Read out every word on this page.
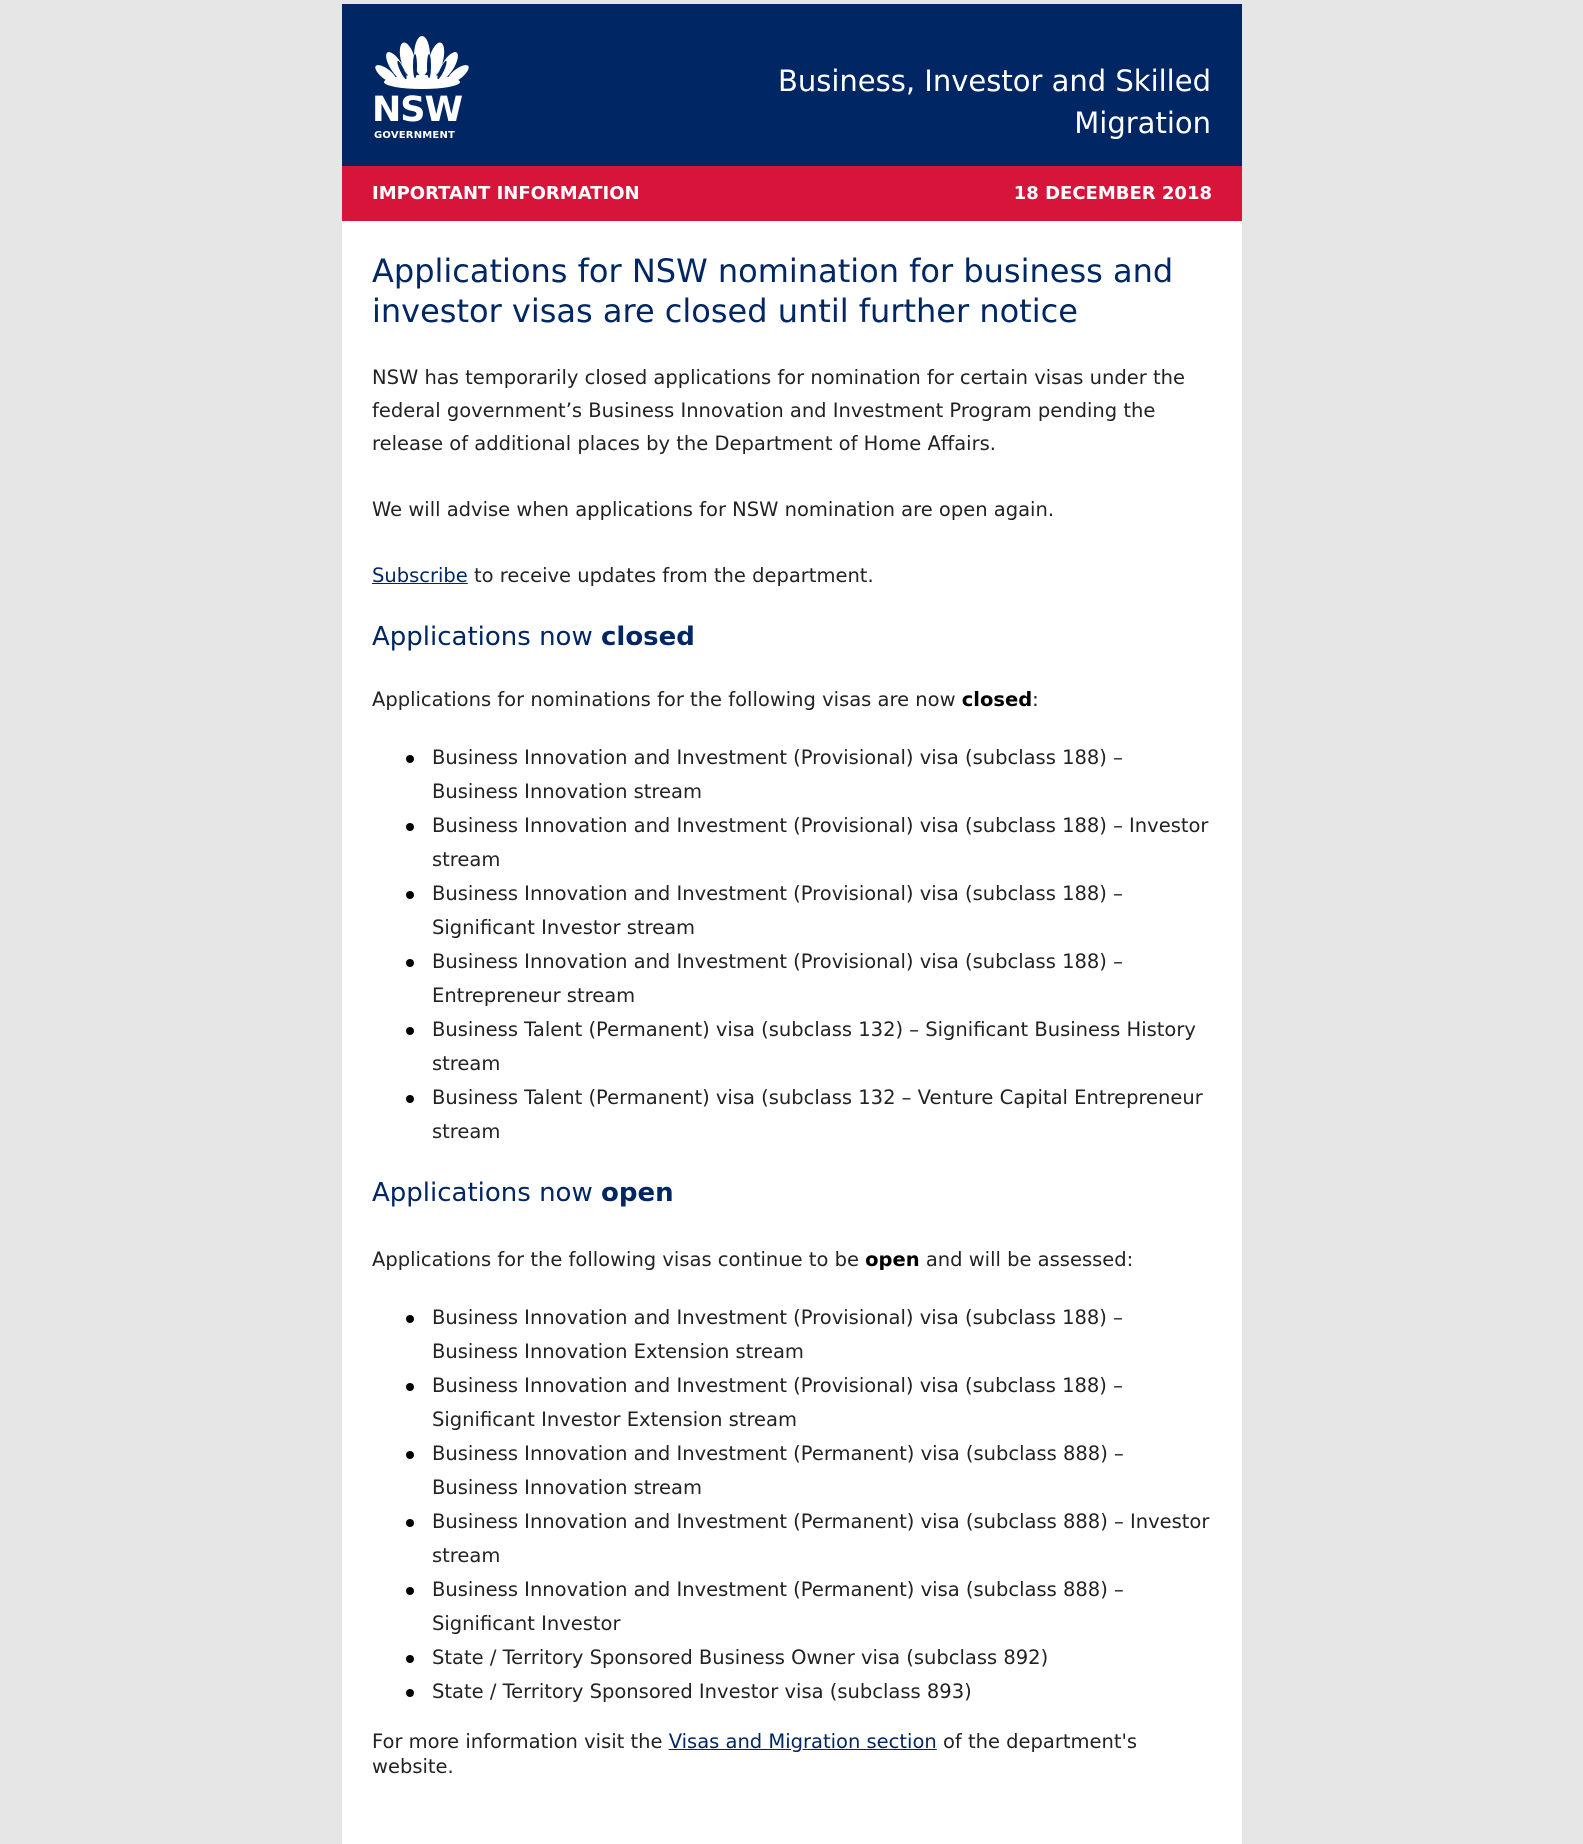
NSW
GOVERNMENT
Business, Investor and Skilled
Migration
IMPORTANT INFORMATION	18 DECEMBER 2018
Applications for NSW nomination for business and investor visas are closed until further notice

NSW has temporarily closed applications for nomination for certain visas under the federal government’s Business Innovation and Investment Program pending the release of additional places by the Department of Home Affairs.

We will advise when applications for NSW nomination are open again.

Subscribe to receive updates from the department.

Applications now closed

Applications for nominations for the following visas are now closed:

Business Innovation and Investment (Provisional) visa (subclass 188) – Business Innovation stream
Business Innovation and Investment (Provisional) visa (subclass 188) – Investor stream
Business Innovation and Investment (Provisional) visa (subclass 188) – Significant Investor stream
Business Innovation and Investment (Provisional) visa (subclass 188) – Entrepreneur stream
Business Talent (Permanent) visa (subclass 132) – Significant Business History stream
Business Talent (Permanent) visa (subclass 132 – Venture Capital Entrepreneur stream
Applications now open

Applications for the following visas continue to be open and will be assessed:

Business Innovation and Investment (Provisional) visa (subclass 188) – Business Innovation Extension stream
Business Innovation and Investment (Provisional) visa (subclass 188) – Significant Investor Extension stream
Business Innovation and Investment (Permanent) visa (subclass 888) – Business Innovation stream
Business Innovation and Investment (Permanent) visa (subclass 888) – Investor stream
Business Innovation and Investment (Permanent) visa (subclass 888) – Significant Investor
State / Territory Sponsored Business Owner visa (subclass 892)
State / Territory Sponsored Investor visa (subclass 893)

For more information visit the Visas and Migration section of the department's website.
